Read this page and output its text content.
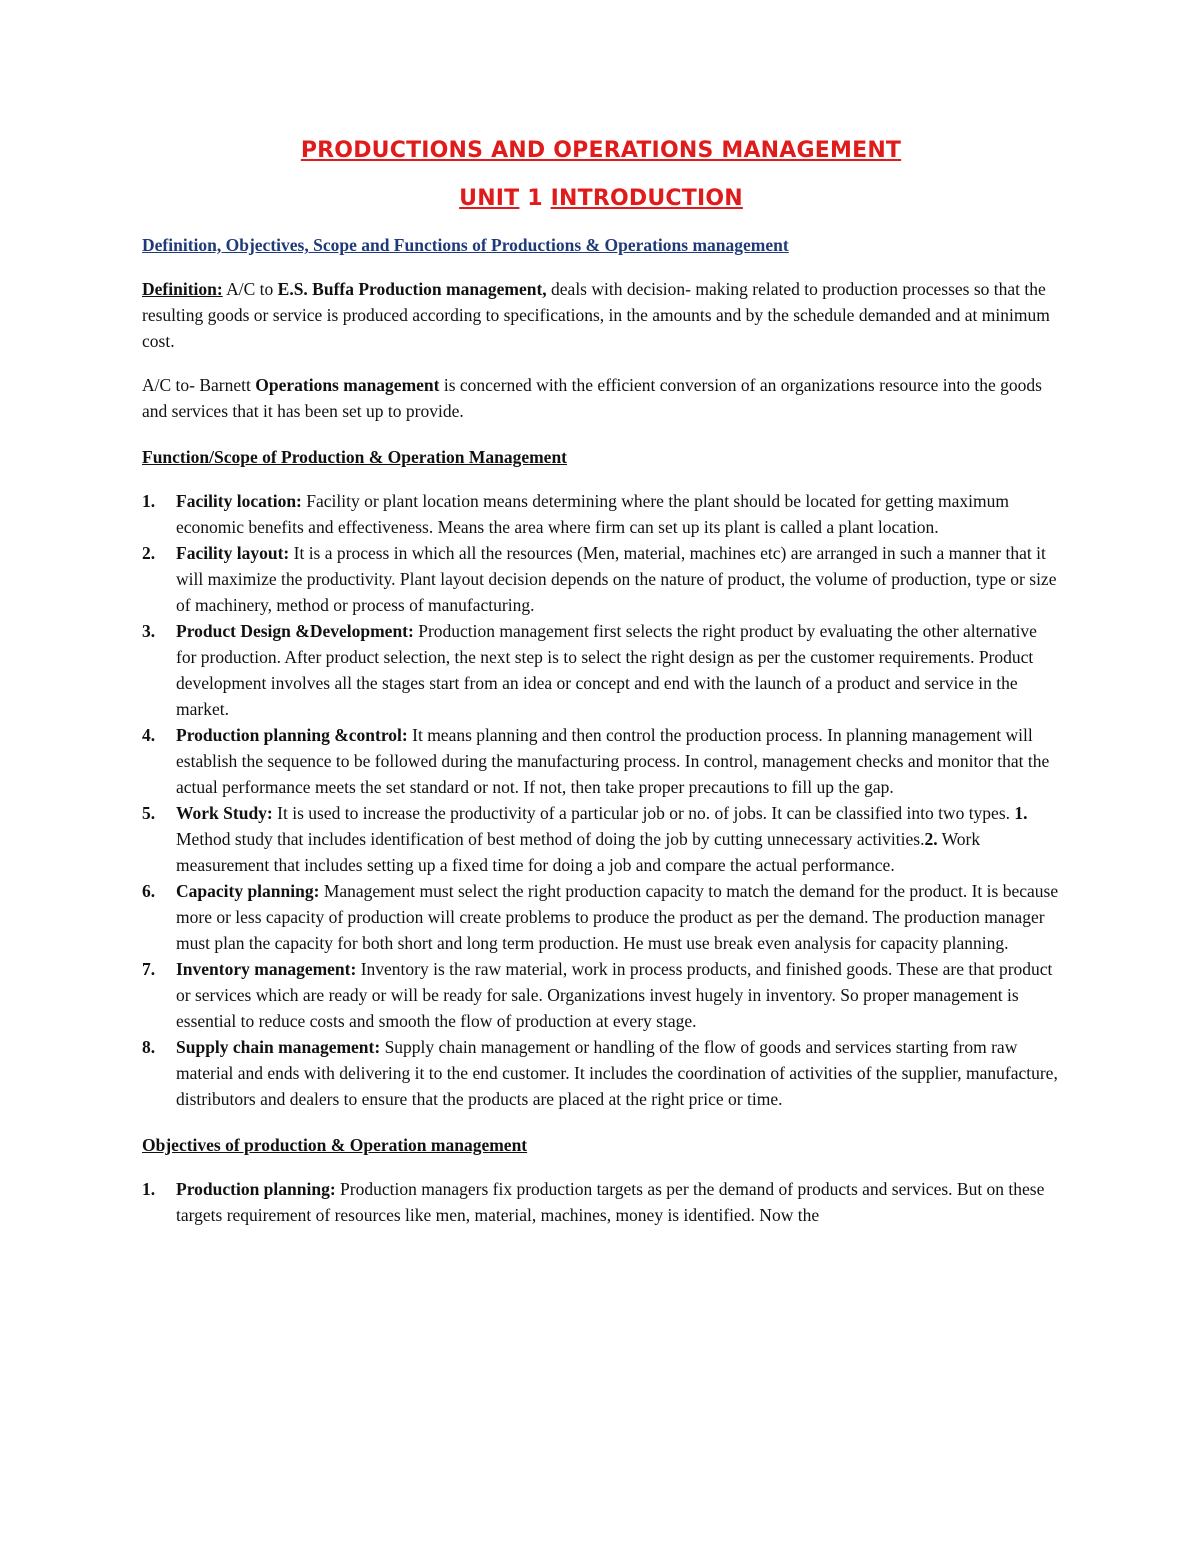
PRODUCTIONS AND OPERATIONS MANAGEMENT

UNIT 1 INTRODUCTION

Definition, Objectives, Scope and Functions of Productions & Operations management

Definition: A/C to E.S. Buffa Production management, deals with decision- making related to production processes so that the resulting goods or service is produced according to specifications, in the amounts and by the schedule demanded and at minimum cost.

A/C to- Barnett Operations management is concerned with the efficient conversion of an organizations resource into the goods and services that it has been set up to provide.

Function/Scope of Production & Operation Management

1. Facility location: Facility or plant location means determining where the plant should be located for getting maximum economic benefits and effectiveness. Means the area where firm can set up its plant is called a plant location.
2. Facility layout: It is a process in which all the resources (Men, material, machines etc) are arranged in such a manner that it will maximize the productivity. Plant layout decision depends on the nature of product, the volume of production, type or size of machinery, method or process of manufacturing.
3. Product Design &Development: Production management first selects the right product by evaluating the other alternative for production. After product selection, the next step is to select the right design as per the customer requirements. Product development involves all the stages start from an idea or concept and end with the launch of a product and service in the market.
4. Production planning &control: It means planning and then control the production process. In planning management will establish the sequence to be followed during the manufacturing process. In control, management checks and monitor that the actual performance meets the set standard or not. If not, then take proper precautions to fill up the gap.
5. Work Study: It is used to increase the productivity of a particular job or no. of jobs. It can be classified into two types. 1. Method study that includes identification of best method of doing the job by cutting unnecessary activities.2. Work measurement that includes setting up a fixed time for doing a job and compare the actual performance.
6. Capacity planning: Management must select the right production capacity to match the demand for the product. It is because more or less capacity of production will create problems to produce the product as per the demand. The production manager must plan the capacity for both short and long term production. He must use break even analysis for capacity planning.
7. Inventory management: Inventory is the raw material, work in process products, and finished goods. These are that product or services which are ready or will be ready for sale. Organizations invest hugely in inventory. So proper management is essential to reduce costs and smooth the flow of production at every stage.
8. Supply chain management: Supply chain management or handling of the flow of goods and services starting from raw material and ends with delivering it to the end customer. It includes the coordination of activities of the supplier, manufacture, distributors and dealers to ensure that the products are placed at the right price or time.

Objectives of production & Operation management

1. Production planning: Production managers fix production targets as per the demand of products and services. But on these targets requirement of resources like men, material, machines, money is identified. Now the
